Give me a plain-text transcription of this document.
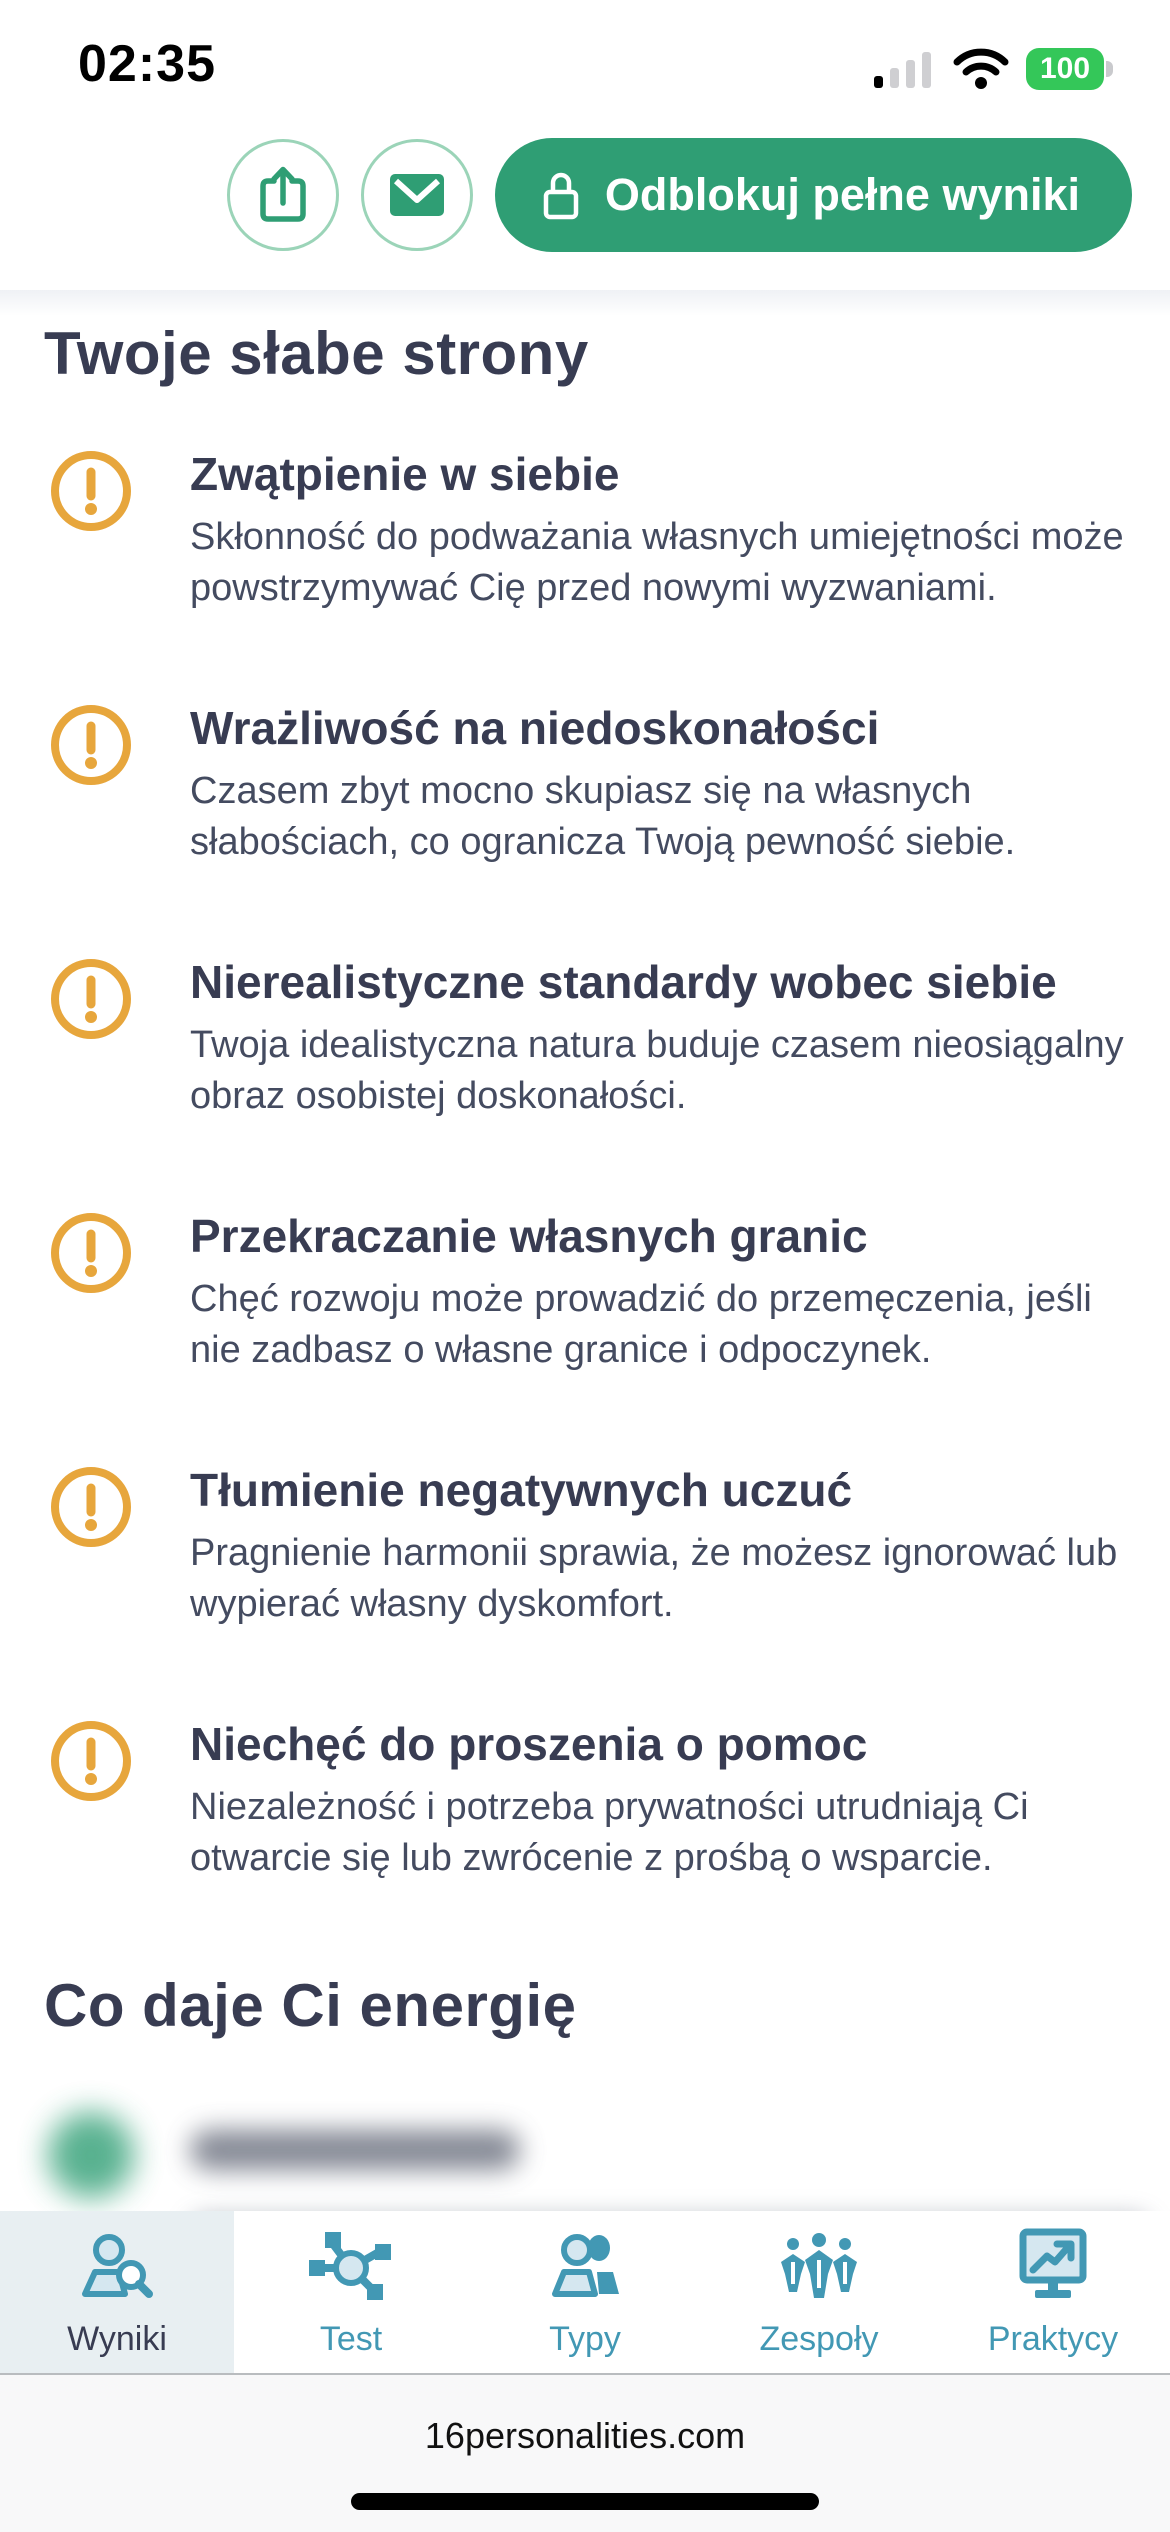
02:35	100
Odblokuj pełne wyniki
Twoje słabe strony
Zwątpienie w siebie
Skłonność do podważania własnych umiejętności może powstrzymywać Cię przed nowymi wyzwaniami.
Wrażliwość na niedoskonałości
Czasem zbyt mocno skupiasz się na własnych słabościach, co ogranicza Twoją pewność siebie.
Nierealistyczne standardy wobec siebie
Twoja idealistyczna natura buduje czasem nieosiągalny obraz osobistej doskonałości.
Przekraczanie własnych granic
Chęć rozwoju może prowadzić do przemęczenia, jeśli nie zadbasz o własne granice i odpoczynek.
Tłumienie negatywnych uczuć
Pragnienie harmonii sprawia, że możesz ignorować lub wypierać własny dyskomfort.
Niechęć do proszenia o pomoc
Niezależność i potrzeba prywatności utrudniają Ci otwarcie się lub zwrócenie z prośbą o wsparcie.
Co daje Ci energię
Wyniki	Test	Typy	Zespoły	Praktycy
16personalities.com
